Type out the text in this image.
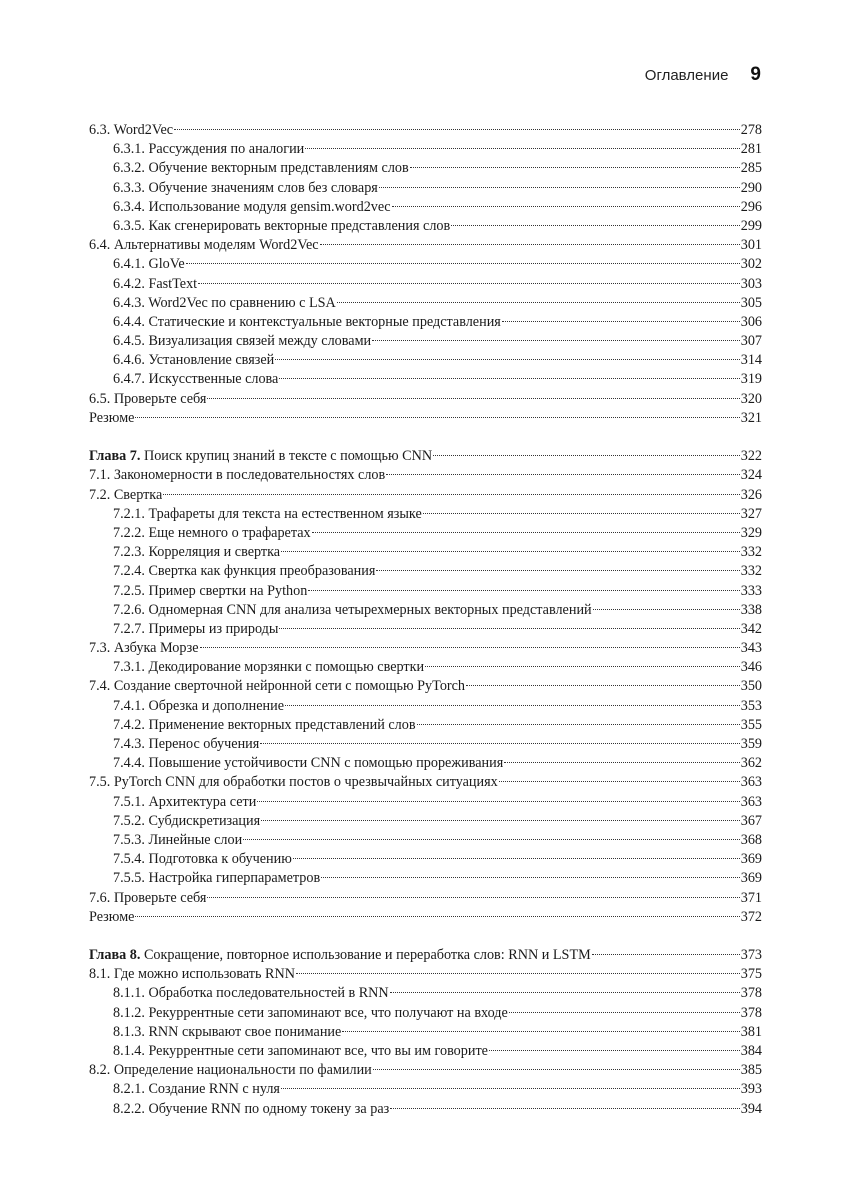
Оглавление 9
6.3. Word2Vec	278
6.3.1. Рассуждения по аналогии	281
6.3.2. Обучение векторным представлениям слов	285
6.3.3. Обучение значениям слов без словаря	290
6.3.4. Использование модуля gensim.word2vec	296
6.3.5. Как сгенерировать векторные представления слов	299
6.4. Альтернативы моделям Word2Vec	301
6.4.1. GloVe	302
6.4.2. FastText	303
6.4.3. Word2Vec по сравнению с LSA	305
6.4.4. Статические и контекстуальные векторные представления	306
6.4.5. Визуализация связей между словами	307
6.4.6. Установление связей	314
6.4.7. Искусственные слова	319
6.5. Проверьте себя	320
Резюме	321
Глава 7. Поиск крупиц знаний в тексте с помощью CNN	322
7.1. Закономерности в последовательностях слов	324
7.2. Свертка	326
7.2.1. Трафареты для текста на естественном языке	327
7.2.2. Еще немного о трафаретах	329
7.2.3. Корреляция и свертка	332
7.2.4. Свертка как функция преобразования	332
7.2.5. Пример свертки на Python	333
7.2.6. Одномерная CNN для анализа четырехмерных векторных представлений	338
7.2.7. Примеры из природы	342
7.3. Азбука Морзе	343
7.3.1. Декодирование морзянки с помощью свертки	346
7.4. Создание сверточной нейронной сети с помощью PyTorch	350
7.4.1. Обрезка и дополнение	353
7.4.2. Применение векторных представлений слов	355
7.4.3. Перенос обучения	359
7.4.4. Повышение устойчивости CNN с помощью прореживания	362
7.5. PyTorch CNN для обработки постов о чрезвычайных ситуациях	363
7.5.1. Архитектура сети	363
7.5.2. Субдискретизация	367
7.5.3. Линейные слои	368
7.5.4. Подготовка к обучению	369
7.5.5. Настройка гиперпараметров	369
7.6. Проверьте себя	371
Резюме	372
Глава 8. Сокращение, повторное использование и переработка слов: RNN и LSTM	373
8.1. Где можно использовать RNN	375
8.1.1. Обработка последовательностей в RNN	378
8.1.2. Рекуррентные сети запоминают все, что получают на входе	378
8.1.3. RNN скрывают свое понимание	381
8.1.4. Рекуррентные сети запоминают все, что вы им говорите	384
8.2. Определение национальности по фамилии	385
8.2.1. Создание RNN с нуля	393
8.2.2. Обучение RNN по одному токену за раз	394
